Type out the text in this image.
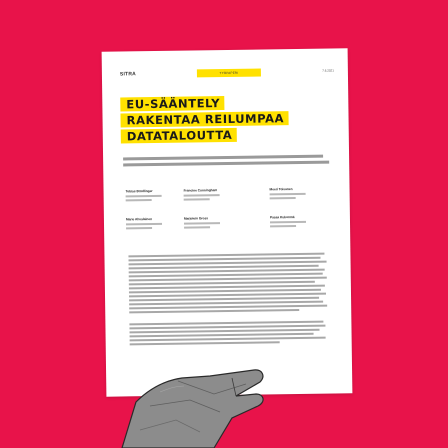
SITRA	TYÖPAPERI
7.6.2021
EU-SÄÄNTELY
RAKENTAA REILUMPAA
DATATALOUTTA
Tobias Brödlinger	Francine Cunningham	Meeri Toivanen
Marie Ahvalainen	Marjolein Gross	Pasaa Kukonmä
